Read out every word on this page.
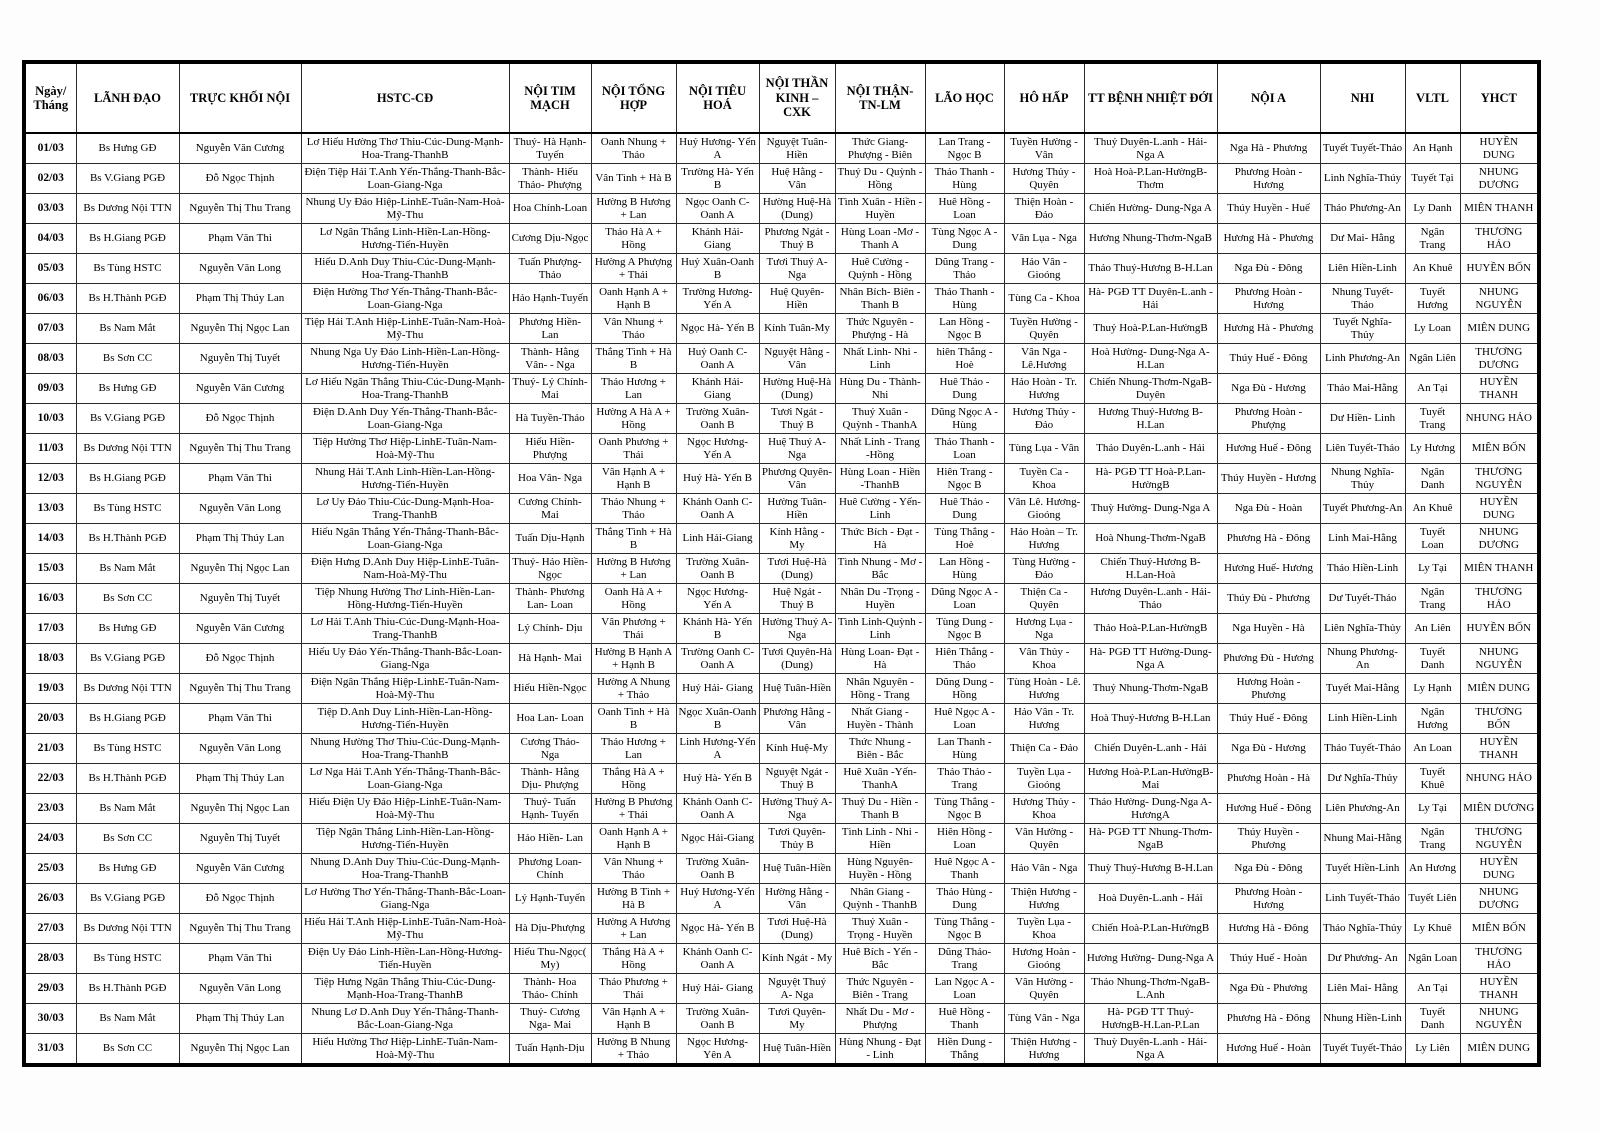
Ngày/ Tháng	LÃNH ĐẠO	TRỰC KHỐI NỘI	HSTC-CĐ	NỘI TIM MẠCH	NỘI TỔNG HỢP	NỘI TIÊU HOÁ	NỘI THẦN KINH – CXK	NỘI THẬN-TN-LM	LÃO HỌC	HÔ HẤP	TT BỆNH NHIỆT ĐỚI	NỘI A	NHI	VLTL	YHCT
01/03	Bs Hưng GĐ	Nguyễn Văn Cương	Lơ Hiếu Hường Thơ Thiu-Cúc-Dung-Mạnh-Hoa-Trang-ThanhB	Thuý- Hà Hạnh- Tuyến	Oanh Nhung + Thảo	Huỷ Hương- Yến A	Nguyệt Tuân-Hiền	Thức Giang-Phượng - Biên	Lan Trang - Ngọc B	Tuyền Hường - Vân	Thuỷ Duyên-L.anh - Hải-Nga A	Nga Hà - Phương	Tuyết Tuyết-Thảo	An Hạnh	HUYỀN DUNG
02/03	Bs V.Giang PGĐ	Đỗ Ngọc Thịnh	Điện Tiệp Hải T.Anh Yến-Thắng-Thanh-Bắc-Loan-Giang-Nga	Thành- Hiếu Thảo- Phượng	Vân Tình + Hà B	Trường Hà- Yến B	Huệ Hằng - Vân	Thuý Du - Quỳnh - Hồng	Thảo Thanh - Hùng	Hương Thủy - Quyên	Hoà Hoà-P.Lan-HườngB-Thơm	Phương Hoàn - Hương	Linh Nghĩa-Thúy	Tuyết Tại	NHUNG DƯƠNG
03/03	Bs Dương Nội TTN	Nguyễn Thị Thu Trang	Nhung Uy Đảo Hiệp-LinhE-Tuân-Nam-Hoà-Mỹ-Thu	Hoa Chính-Loan	Hường B Hương + Lan	Ngọc Oanh C-Oanh A	Hường Huệ-Hà (Dung)	Tình Xuân - Hiền - Huyền	Huê Hồng - Loan	Thiện Hoàn - Đảo	Chiến Hường- Dung-Nga A	Thúy Huyền - Huế	Thảo Phương-An	Ly Danh	MIÊN THANH
04/03	Bs H.Giang PGĐ	Phạm Văn Thi	Lơ Ngân Thắng Linh-Hiền-Lan-Hồng-Hương-Tiến-Huyền	Cương Dịu-Ngọc	Thảo Hà A + Hồng	Khánh Hải-Giang	Phương Ngát -Thuý B	Hùng Loan -Mơ - Thanh A	Tùng Ngọc A - Dung	Vân Lụa - Nga	Hương Nhung-Thơm-NgaB	Hương Hà - Phương	Dư Mai- Hằng	Ngân Trang	THƯƠNG HẢO
05/03	Bs Tùng HSTC	Nguyễn Văn Long	Hiếu D.Anh Duy Thiu-Cúc-Dung-Mạnh-Hoa-Trang-ThanhB	Tuấn Phượng-Thảo	Hường A Phượng + Thái	Huỷ Xuân-Oanh B	Tươi Thuý A-Nga	Huê Cường - Quỳnh - Hồng	Dũng Trang - Thảo	Hảo Vân - Gioóng	Thảo Thuý-Hương B-H.Lan	Nga Đù - Đông	Liên Hiền-Linh	An Khuê	HUYỀN BỐN
06/03	Bs H.Thành PGĐ	Phạm Thị Thúy Lan	Điện Hường Thơ Yến-Thắng-Thanh-Bắc-Loan-Giang-Nga	Hảo Hạnh-Tuyến	Oanh Hạnh A + Hạnh B	Trường Hương-Yến A	Huệ Quyên-Hiền	Nhân Bích- Biên -Thanh B	Thảo Thanh - Hùng	Tùng Ca - Khoa	Hà- PGĐ TT Duyên-L.anh - Hải	Phương Hoàn - Hương	Nhung Tuyết-Thảo	Tuyết Hương	NHUNG NGUYỄN
07/03	Bs Nam Mắt	Nguyễn Thị Ngọc Lan	Tiệp Hải T.Anh Hiệp-LinhE-Tuân-Nam-Hoà-Mỹ-Thu	Phương Hiền-Lan	Vân Nhung + Thảo	Ngọc Hà- Yến B	Kính Tuân-My	Thức Nguyên - Phượng - Hà	Lan Hồng - Ngọc B	Tuyền Hường - Quyên	Thuỷ Hoà-P.Lan-HườngB	Hương Hà - Phương	Tuyết Nghĩa-Thủy	Ly Loan	MIÊN DUNG
08/03	Bs Sơn CC	Nguyễn Thị Tuyết	Nhung Nga Uy Đảo Linh-Hiền-Lan-Hồng-Hương-Tiến-Huyền	Thành- Hằng Vân- - Nga	Thắng Tình + Hà B	Huỷ Oanh C-Oanh A	Nguyệt Hằng -Vân	Nhất Linh- Nhi - Linh	hiên Thắng - Hoè	Vân Nga - Lê.Hương	Hoà Hường- Dung-Nga A-H.Lan	Thúy Huế - Đông	Linh Phương-An	Ngân Liên	THƯƠNG DƯƠNG
09/03	Bs Hưng GĐ	Nguyễn Văn Cương	Lơ Hiếu Ngân Thắng Thiu-Cúc-Dung-Mạnh-Hoa-Trang-ThanhB	Thuý- Lý Chính- Mai	Thảo Hương + Lan	Khánh Hải-Giang	Hường Huệ-Hà (Dung)	Hùng Du - Thành- Nhi	Huê Thảo - Dung	Hảo Hoàn - Tr. Hương	Chiến Nhung-Thơm-NgaB-Duyên	Nga Đù - Hương	Thảo Mai-Hằng	An Tại	HUYỀN THANH
10/03	Bs V.Giang PGĐ	Đỗ Ngọc Thịnh	Điện D.Anh Duy Yến-Thắng-Thanh-Bắc-Loan-Giang-Nga	Hà Tuyền-Thảo	Hường A Hà A + Hồng	Trường Xuân-Oanh B	Tươi Ngát - Thuý B	Thuý Xuân - Quỳnh - ThanhA	Dũng Ngọc A - Hùng	Hương Thủy - Đảo	Hương Thuý-Hương B-H.Lan	Phương Hoàn - Phượng	Dư Hiền- Linh	Tuyết Trang	NHUNG HẢO
11/03	Bs Dương Nội TTN	Nguyễn Thị Thu Trang	Tiệp Hường Thơ Hiệp-LinhE-Tuân-Nam-Hoà-Mỹ-Thu	Hiếu Hiền-Phượng	Oanh Phương + Thái	Ngọc Hương-Yến A	Huệ Thuý A-Nga	Nhất Linh - Trang -Hồng	Thảo Thanh - Loan	Tùng Lụa - Vân	Thảo Duyên-L.anh - Hải	Hương Huế - Đông	Liên Tuyết-Thảo	Ly Hương	MIÊN BỐN
12/03	Bs H.Giang PGĐ	Phạm Văn Thi	Nhung Hải T.Anh Linh-Hiền-Lan-Hồng-Hương-Tiến-Huyền	Hoa Vân- Nga	Vân Hạnh A + Hạnh B	Huỷ Hà- Yến B	Phương Quyên- Vân	Hùng Loan - Hiền -ThanhB	Hiên Trang - Ngọc B	Tuyền Ca - Khoa	Hà- PGĐ TT Hoà-P.Lan-HườngB	Thúy Huyền - Hương	Nhung Nghĩa-Thủy	Ngân Danh	THƯƠNG NGUYỄN
13/03	Bs Tùng HSTC	Nguyễn Văn Long	Lơ Uy Đảo Thiu-Cúc-Dung-Mạnh-Hoa-Trang-ThanhB	Cương Chính-Mai	Thảo Nhung + Thảo	Khánh Oanh C-Oanh A	Hường Tuân-Hiền	Huê Cường - Yến- Linh	Huê Thảo - Dung	Vân Lê. Hương- Gioóng	Thuỳ Hường- Dung-Nga A	Nga Đù - Hoàn	Tuyết Phương-An	An Khuê	HUYỀN DUNG
14/03	Bs H.Thành PGĐ	Phạm Thị Thúy Lan	Hiếu Ngân Thắng Yến-Thắng-Thanh-Bắc-Loan-Giang-Nga	Tuấn Dịu-Hạnh	Thắng Tình + Hà B	Linh Hải-Giang	Kính Hằng - My	Thức Bích - Đạt - Hà	Tùng Thắng - Hoè	Hảo Hoàn – Tr. Hương	Hoà Nhung-Thơm-NgaB	Phương Hà - Đông	Linh Mai-Hằng	Tuyết Loan	NHUNG DƯƠNG
15/03	Bs Nam Mắt	Nguyễn Thị Ngọc Lan	Điện Hưng D.Anh Duy Hiệp-LinhE-Tuân-Nam-Hoà-Mỹ-Thu	Thuý- Hảo Hiền- Ngọc	Hường B Hương + Lan	Trường Xuân-Oanh B	Tươi Huệ-Hà (Dung)	Tình Nhung - Mơ - Bắc	Lan Hồng - Hùng	Tùng Hường - Đảo	Chiến Thuý-Hương B-H.Lan-Hoà	Hương Huế- Hương	Thảo Hiền-Linh	Ly Tại	MIÊN THANH
16/03	Bs Sơn CC	Nguyễn Thị Tuyết	Tiệp Nhung Hường Thơ Linh-Hiền-Lan-Hồng-Hương-Tiến-Huyền	Thành- Phương Lan- Loan	Oanh Hà A + Hồng	Ngọc Hương-Yến A	Huệ Ngát - Thuý B	Nhân Du -Trọng - Huyền	Dũng Ngọc A - Loan	Thiện Ca - Quyên	Hương Duyên-L.anh - Hải-Thảo	Thúy Đù - Phương	Dư Tuyết-Thảo	Ngân Trang	THƯƠNG HẢO
17/03	Bs Hưng GĐ	Nguyễn Văn Cương	Lơ Hải T.Anh Thiu-Cúc-Dung-Mạnh-Hoa-Trang-ThanhB	Lý Chính- Dịu	Vân Phương + Thái	Khánh Hà- Yến B	Hường Thuý A- Nga	Tình Linh-Quỳnh -Linh	Tùng Dung - Ngọc B	Hương Lụa - Nga	Thảo Hoà-P.Lan-HườngB	Nga Huyền - Hà	Liên Nghĩa-Thủy	An Liên	HUYỀN BỐN
18/03	Bs V.Giang PGĐ	Đỗ Ngọc Thịnh	Hiếu Uy Đảo Yến-Thắng-Thanh-Bắc-Loan-Giang-Nga	Hà Hạnh- Mai	Hường B Hạnh A + Hạnh B	Trường Oanh C- Oanh A	Tươi Quyên-Hà (Dung)	Hùng Loan- Đạt - Hà	Hiên Thắng - Thảo	Vân Thủy - Khoa	Hà- PGĐ TT Hường-Dung-Nga A	Phương Đù - Hương	Nhung Phương-An	Tuyết Danh	NHUNG NGUYỄN
19/03	Bs Dương Nội TTN	Nguyễn Thị Thu Trang	Điện Ngân Thắng Hiệp-LinhE-Tuân-Nam-Hoà-Mỹ-Thu	Hiếu Hiền-Ngọc	Hường A Nhung + Thảo	Huỷ Hải- Giang	Huệ Tuân-Hiền	Nhân Nguyên - Hồng - Trang	Dũng Dung - Hồng	Tùng Hoàn - Lê. Hương	Thuỷ Nhung-Thơm-NgaB	Hương Hoàn - Phương	Tuyết Mai-Hằng	Ly Hạnh	MIÊN DUNG
20/03	Bs H.Giang PGĐ	Phạm Văn Thi	Tiệp D.Anh Duy Linh-Hiền-Lan-Hồng-Hương-Tiến-Huyền	Hoa Lan- Loan	Oanh Tình + Hà B	Ngọc Xuân-Oanh B	Phương Hằng -Vân	Nhất Giang - Huyền - Thành	Huê Ngọc A - Loan	Hảo Vân - Tr. Hương	Hoà Thuý-Hương B-H.Lan	Thúy Huế - Đông	Linh Hiền-Linh	Ngân Hương	THƯƠNG BỐN
21/03	Bs Tùng HSTC	Nguyễn Văn Long	Nhung Hường Thơ Thiu-Cúc-Dung-Mạnh-Hoa-Trang-ThanhB	Cương Thảo-Nga	Thảo Hương + Lan	Linh Hương-Yến A	Kính Huệ-My	Thức Nhung - Biên - Bắc	Lan Thanh - Hùng	Thiện Ca - Đảo	Chiến Duyên-L.anh - Hải	Nga Đù - Hương	Thảo Tuyết-Thảo	An Loan	HUYỀN THANH
22/03	Bs H.Thành PGĐ	Phạm Thị Thúy Lan	Lơ Nga Hải T.Anh Yến-Thắng-Thanh-Bắc-Loan-Giang-Nga	Thành- Hằng Dịu- Phượng	Thắng Hà A + Hồng	Huỷ Hà- Yến B	Nguyệt Ngát -Thuý B	Huê Xuân -Yến- ThanhA	Thảo Thảo - Trang	Tuyền Lụa - Gioóng	Hương Hoà-P.Lan-HườngB-Mai	Phương Hoàn - Hà	Dư Nghĩa-Thủy	Tuyết Khuê	NHUNG HẢO
23/03	Bs Nam Mắt	Nguyễn Thị Ngọc Lan	Hiếu Điện Uy Đảo Hiệp-LinhE-Tuân-Nam-Hoà-Mỹ-Thu	Thuý- Tuấn Hạnh- Tuyến	Hường B Phương + Thái	Khánh Oanh C-Oanh A	Hường Thuý A- Nga	Thuý Du - Hiền -Thanh B	Tùng Thắng - Ngọc B	Hương Thủy - Khoa	Thảo Hường- Dung-Nga A-HươngA	Hương Huế - Đông	Liên Phương-An	Ly Tại	MIÊN DƯƠNG
24/03	Bs Sơn CC	Nguyễn Thị Tuyết	Tiệp Ngân Thắng Linh-Hiền-Lan-Hồng-Hương-Tiến-Huyền	Hảo Hiền- Lan	Oanh Hạnh A + Hạnh B	Ngọc Hải-Giang	Tươi Quyên-Thủy B	Tình Linh - Nhi - Hiền	Hiên Hồng - Loan	Vân Hường - Quyên	Hà- PGĐ TT Nhung-Thơm-NgaB	Thúy Huyền - Phương	Nhung Mai-Hằng	Ngân Trang	THƯƠNG NGUYỄN
25/03	Bs Hưng GĐ	Nguyễn Văn Cương	Nhung D.Anh Duy Thiu-Cúc-Dung-Mạnh-Hoa-Trang-ThanhB	Phương Loan-Chính	Vân Nhung + Thảo	Trường Xuân-Oanh B	Huệ Tuân-Hiền	Hùng Nguyên-Huyền - Hồng	Huê Ngọc A - Thanh	Hảo Vân - Nga	Thuỳ Thuý-Hương B-H.Lan	Nga Đù - Đông	Tuyết Hiền-Linh	An Hương	HUYỀN DUNG
26/03	Bs V.Giang PGĐ	Đỗ Ngọc Thịnh	Lơ Hường Thơ Yến-Thắng-Thanh-Bắc-Loan-Giang-Nga	Lý Hạnh-Tuyến	Hường B Tình + Hà B	Huỷ Hương-Yến A	Hường Hằng -Vân	Nhân Giang - Quỳnh - ThanhB	Thảo Hùng - Dung	Thiện Hương - Hương	Hoà Duyên-L.anh - Hải	Phương Hoàn - Hương	Linh Tuyết-Thảo	Tuyết Liên	NHUNG DƯƠNG
27/03	Bs Dương Nội TTN	Nguyễn Thị Thu Trang	Hiếu Hải T.Anh Hiệp-LinhE-Tuân-Nam-Hoà-Mỹ-Thu	Hà Dịu-Phượng	Hường A Hương + Lan	Ngọc Hà- Yến B	Tươi Huệ-Hà (Dung)	Thuý Xuân - Trọng - Huyền	Tùng Thắng - Ngọc B	Tuyền Lụa - Khoa	Chiến Hoà-P.Lan-HườngB	Hương Hà - Đông	Thảo Nghĩa-Thủy	Ly Khuê	MIÊN BỐN
28/03	Bs Tùng HSTC	Phạm Văn Thi	Điện Uy Đảo Linh-Hiền-Lan-Hồng-Hương-Tiến-Huyền	Hiếu Thu-Ngọc( My)	Thắng Hà A + Hồng	Khánh Oanh C-Oanh A	Kính Ngát - My	Huê Bích - Yến - Bắc	Dũng Thảo- Trang	Hương Hoàn - Gioóng	Hương Hường- Dung-Nga A	Thúy Huế - Hoàn	Dư Phương- An	Ngân Loan	THƯƠNG HẢO
29/03	Bs H.Thành PGĐ	Nguyễn Văn Long	Tiệp Hưng Ngân Thắng Thiu-Cúc-Dung-Mạnh-Hoa-Trang-ThanhB	Thành- Hoa Thảo- Chính	Thảo Phương + Thái	Huỷ Hải- Giang	Nguyệt Thuý A- Nga	Thức Nguyên - Biên - Trang	Lan Ngọc A - Loan	Vân Hường - Quyên	Thảo Nhung-Thơm-NgaB-L.Anh	Nga Đù - Phương	Liên Mai- Hằng	An Tại	HUYỀN THANH
30/03	Bs Nam Mắt	Phạm Thị Thúy Lan	Nhung Lơ D.Anh Duy Yến-Thắng-Thanh-Bắc-Loan-Giang-Nga	Thuý- Cương Nga- Mai	Vân Hạnh A + Hạnh B	Trường Xuân-Oanh B	Tươi Quyên-My	Nhất Du - Mơ - Phượng	Huê Hồng - Thanh	Tùng Vân - Nga	Hà- PGĐ TT Thuý-HươngB-H.Lan-P.Lan	Phương Hà - Đông	Nhung Hiền-Linh	Tuyết Danh	NHUNG NGUYỄN
31/03	Bs Sơn CC	Nguyễn Thị Ngọc Lan	Hiểu Hường Thơ Hiệp-LinhE-Tuân-Nam-Hoà-Mỹ-Thu	Tuấn Hạnh-Dịu	Hường B Nhung + Thảo	Ngọc Hương-Yên A	Huệ Tuân-Hiền	Hùng Nhung - Đạt - Linh	Hiền Dung - Thắng	Thiện Hương - Hương	Thuỳ Duyên-L.anh - Hải-Nga A	Hương Huế - Hoàn	Tuyết Tuyết-Thảo	Ly Liên	MIÊN DUNG
